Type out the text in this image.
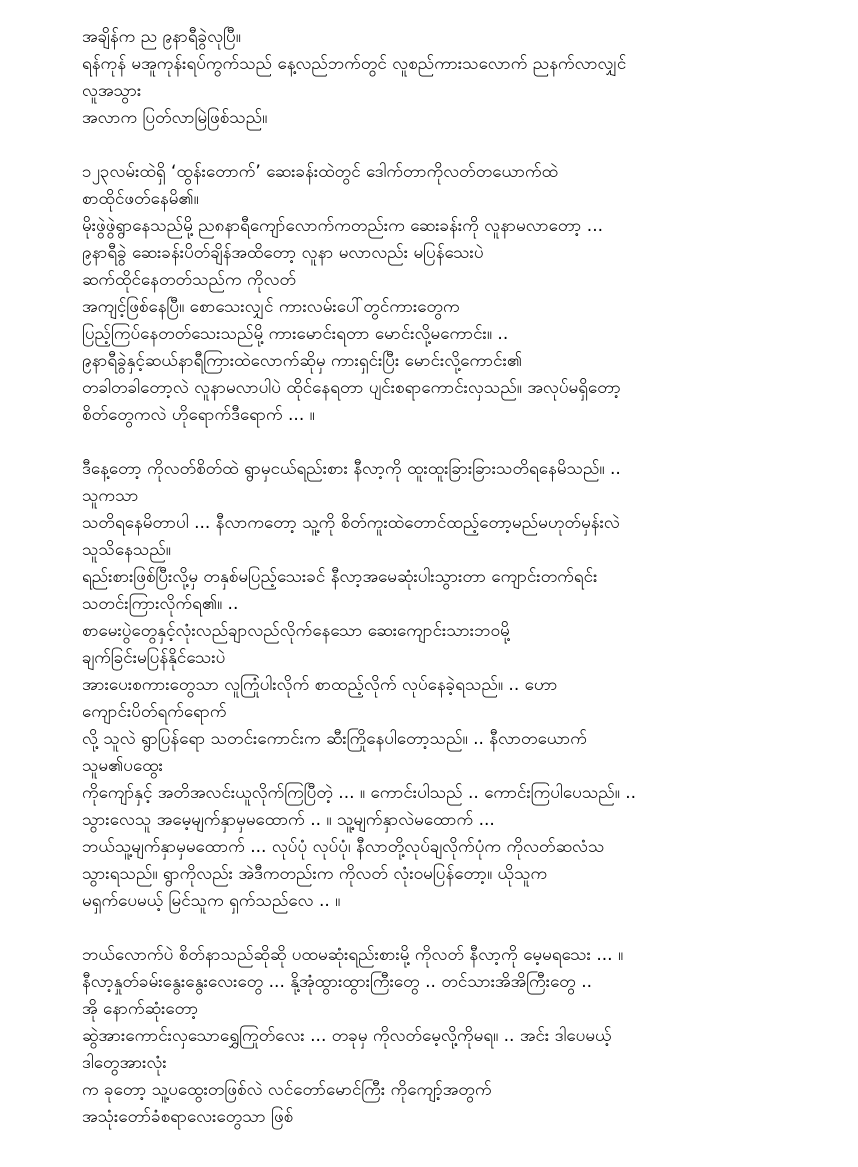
အချိန်က ည ၉နာရီခွဲလုပြီ။
ရန်ကုန် မအူကုန်းရပ်ကွက်သည် နေ့လည်ဘက်တွင် လူစည်ကားသလောက် ညနက်လာလျှင်
လူအသွား
အလာက ပြတ်လာမြဲဖြစ်သည်။
၁၂၃လမ်းထဲရှိ ‘ထွန်းတောက်’ ဆေးခန်းထဲတွင် ဒေါက်တာကိုလတ်တယောက်ထဲ
စာထိုင်ဖတ်နေမိ၏။
မိုးဖွဲဖွဲရွာနေသည်မို့ ည၈နာရီကျော်လောက်ကတည်းက ဆေးခန်းကို လူနာမလာတော့ ...
၉နာရီခွဲ ဆေးခန်းပိတ်ချိန်အထိတော့ လူနာ မလာလည်း မပြန်သေးပဲ
ဆက်ထိုင်နေတတ်သည်က ကိုလတ်
အကျင့်ဖြစ်နေပြီ။ စောသေးလျှင် ကားလမ်းပေါ်တွင်ကားတွေက
ပြည့်ကြပ်နေတတ်သေးသည်မို့ ကားမောင်းရတာ မောင်းလို့မကောင်း။ ..
၉နာရီခွဲနှင့်ဆယ်နာရီကြားထဲလောက်ဆိုမှ ကားရှင်းပြီး မောင်းလို့ကောင်း၏
တခါတခါတော့လဲ လူနာမလာပါပဲ ထိုင်နေရတာ ပျင်းစရာကောင်းလှသည်။ အလုပ်မရှိတော့
စိတ်တွေကလဲ ဟိုရောက်ဒီရောက် ... ။
ဒီနေ့တော့ ကိုလတ်စိတ်ထဲ ရွာမှငယ်ရည်းစား နီလာ့ကို ထူးထူးခြားခြားသတိရနေမိသည်။ ..
သူကသာ
သတိရနေမိတာပါ ... နီလာကတော့ သူ့ကို စိတ်ကူးထဲတောင်ထည့်တော့မည်မဟုတ်မှန်းလဲ
သူသိနေသည်။
ရည်းစားဖြစ်ပြီးလို့မှ တနှစ်မပြည့်သေးခင် နီလာ့အမေဆုံးပါးသွားတာ ကျောင်းတက်ရင်း
သတင်းကြားလိုက်ရ၏။ ..
စာမေးပွဲတွေနှင့်လုံးလည်ချာလည်လိုက်နေသော ဆေးကျောင်းသားဘဝမို့
ချက်ခြင်းမပြန်နိုင်သေးပဲ
အားပေးစကားတွေသာ လူကြုံပါးလိုက် စာထည့်လိုက် လုပ်နေခဲ့ရသည်။ .. ဟော
ကျောင်းပိတ်ရက်ရောက်
လို့ သူလဲ ရွာပြန်ရော သတင်းကောင်းက ဆီးကြိုနေပါတော့သည်။ .. နီလာတယောက်
သူမ၏ပထွေး
ကိုကျော်နှင့် အတိအလင်းယူလိုက်ကြပြီတဲ့ ... ။ ကောင်းပါသည် .. ကောင်းကြပါပေသည်။ ..
သွားလေသူ အမေ့မျက်နှာမှမထောက် .. ။ သူ့မျက်နှာလဲမထောက် ...
ဘယ်သူ့မျက်နှာမှမထောက် ... လုပ်ပုံ လုပ်ပုံ၊ နီလာတို့လုပ်ချလိုက်ပုံက ကိုလတ်ဆလံသ
သွားရသည်။ ရွာကိုလည်း အဲဒီကတည်းက ကိုလတ် လုံးဝမပြန်တော့။ ယိုသူက
မရှက်ပေမယ့် မြင်သူက ရှက်သည်လေ .. ။
ဘယ်လောက်ပဲ စိတ်နာသည်ဆိုဆို ပထမဆုံးရည်းစားမို့ ကိုလတ် နီလာ့ကို မေ့မရသေး ... ။
နီလာ့နှုတ်ခမ်းနွေးနွေးလေးတွေ ... နို့အုံထွားထွားကြီးတွေ .. တင်သားအိအိကြီးတွေ ..
အို နောက်ဆုံးတော့
ဆွဲအားကောင်းလှသောရွှေကြုတ်လေး ... တခုမှ ကိုလတ်မေ့လို့ကိုမရ။ .. အင်း ဒါပေမယ့်
ဒါတွေအားလုံး
က ခုတော့ သူ့ပထွေးတဖြစ်လဲ လင်တော်မောင်ကြီး ကိုကျော့်အတွက်
အသုံးတော်ခံစရာလေးတွေသာ ဖြစ်
